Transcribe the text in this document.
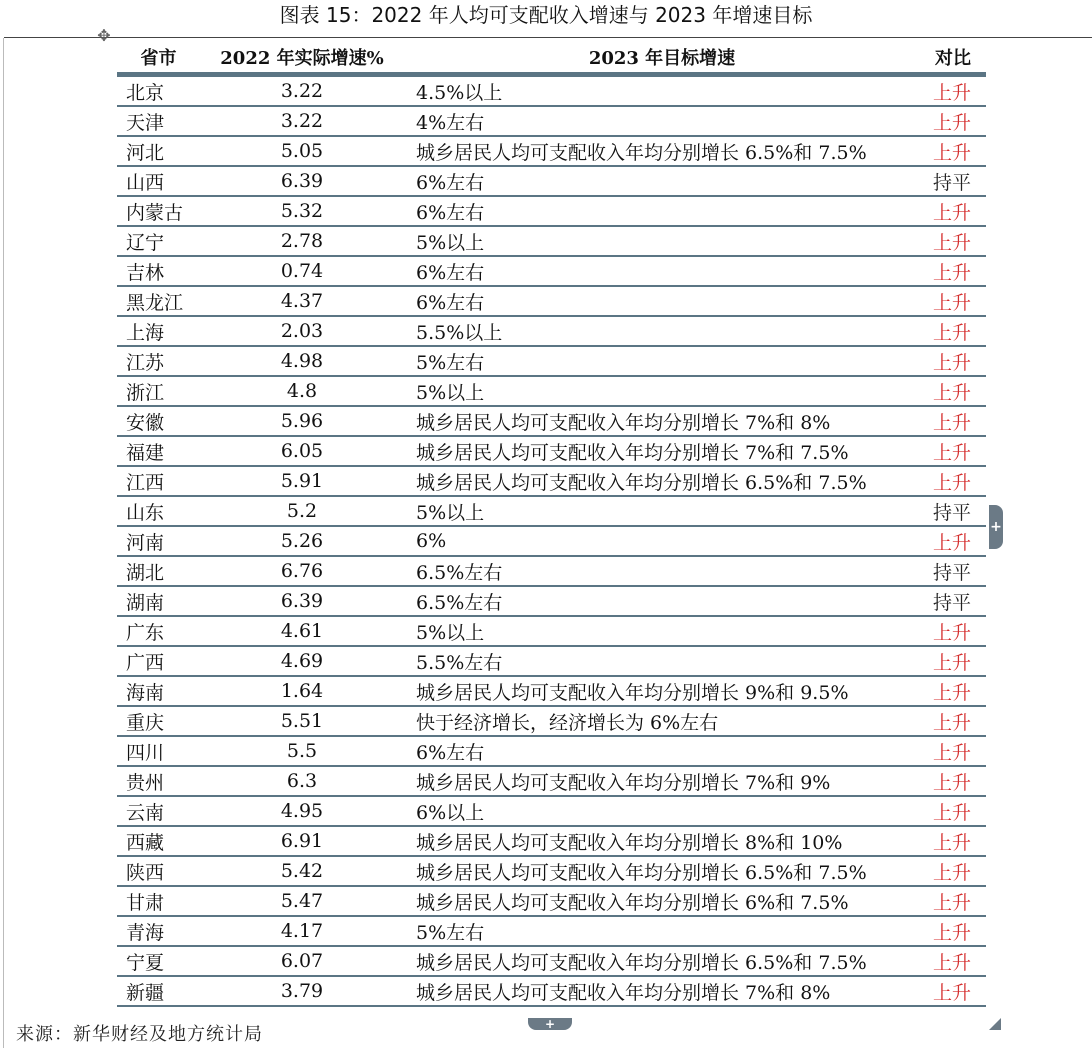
图表 15：2022 年人均可支配收入增速与 2023 年增速目标
✥
省市	2022 年实际增速%	2023 年目标增速	对比
北京	3.22	4.5%以上	上升
天津	3.22	4%左右	上升
河北	5.05	城乡居民人均可支配收入年均分别增长 6.5%和 7.5%	上升
山西	6.39	6%左右	持平
内蒙古	5.32	6%左右	上升
辽宁	2.78	5%以上	上升
吉林	0.74	6%左右	上升
黑龙江	4.37	6%左右	上升
上海	2.03	5.5%以上	上升
江苏	4.98	5%左右	上升
浙江	4.8	5%以上	上升
安徽	5.96	城乡居民人均可支配收入年均分别增长 7%和 8%	上升
福建	6.05	城乡居民人均可支配收入年均分别增长 7%和 7.5%	上升
江西	5.91	城乡居民人均可支配收入年均分别增长 6.5%和 7.5%	上升
山东	5.2	5%以上	持平
河南	5.26	6%	上升
湖北	6.76	6.5%左右	持平
湖南	6.39	6.5%左右	持平
广东	4.61	5%以上	上升
广西	4.69	5.5%左右	上升
海南	1.64	城乡居民人均可支配收入年均分别增长 9%和 9.5%	上升
重庆	5.51	快于经济增长，经济增长为 6%左右	上升
四川	5.5	6%左右	上升
贵州	6.3	城乡居民人均可支配收入年均分别增长 7%和 9%	上升
云南	4.95	6%以上	上升
西藏	6.91	城乡居民人均可支配收入年均分别增长 8%和 10%	上升
陕西	5.42	城乡居民人均可支配收入年均分别增长 6.5%和 7.5%	上升
甘肃	5.47	城乡居民人均可支配收入年均分别增长 6%和 7.5%	上升
青海	4.17	5%左右	上升
宁夏	6.07	城乡居民人均可支配收入年均分别增长 6.5%和 7.5%	上升
新疆	3.79	城乡居民人均可支配收入年均分别增长 7%和 8%	上升
+
+
来源：新华财经及地方统计局
